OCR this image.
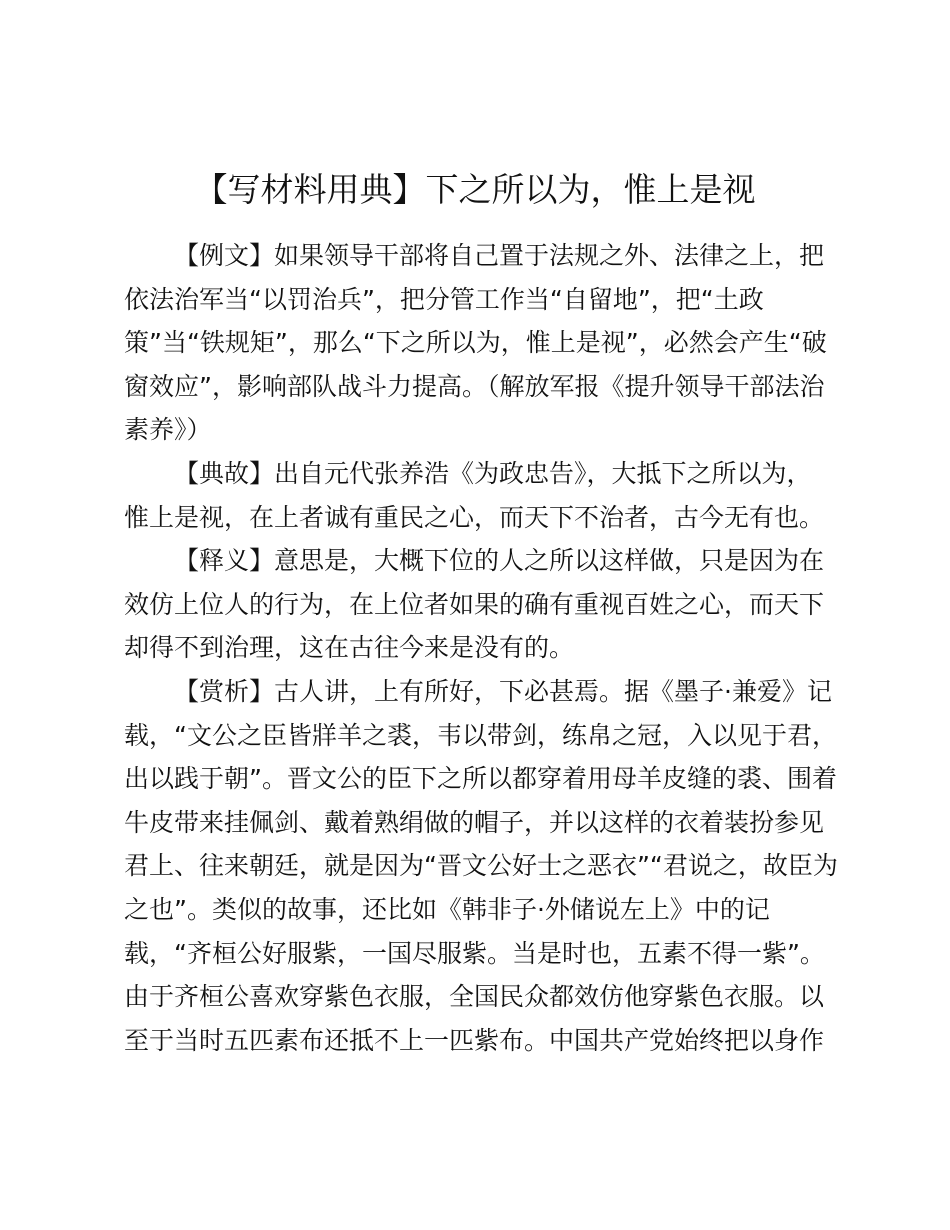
【写材料用典】下之所以为，惟上是视

【例文】如果领导干部将自己置于法规之外、法律之上，把
依法治军当“以罚治兵”，把分管工作当“自留地”，把“土政
策”当“铁规矩”，那么“下之所以为，惟上是视”，必然会产生“破
窗效应”，影响部队战斗力提高。（解放军报《提升领导干部法治
素养》）

【典故】出自元代张养浩《为政忠告》，大抵下之所以为，
惟上是视，在上者诚有重民之心，而天下不治者，古今无有也。

【释义】意思是，大概下位的人之所以这样做，只是因为在
效仿上位人的行为，在上位者如果的确有重视百姓之心，而天下
却得不到治理，这在古往今来是没有的。

【赏析】古人讲，上有所好，下必甚焉。据《墨子·兼爱》记
载，“文公之臣皆牂羊之裘，韦以带剑，练帛之冠，入以见于君，
出以践于朝”。晋文公的臣下之所以都穿着用母羊皮缝的裘、围着
牛皮带来挂佩剑、戴着熟绢做的帽子，并以这样的衣着装扮参见
君上、往来朝廷，就是因为“晋文公好士之恶衣”“君说之，故臣为
之也”。类似的故事，还比如《韩非子·外储说左上》中的记
载，“齐桓公好服紫，一国尽服紫。当是时也，五素不得一紫”。
由于齐桓公喜欢穿紫色衣服，全国民众都效仿他穿紫色衣服。以
至于当时五匹素布还抵不上一匹紫布。中国共产党始终把以身作
